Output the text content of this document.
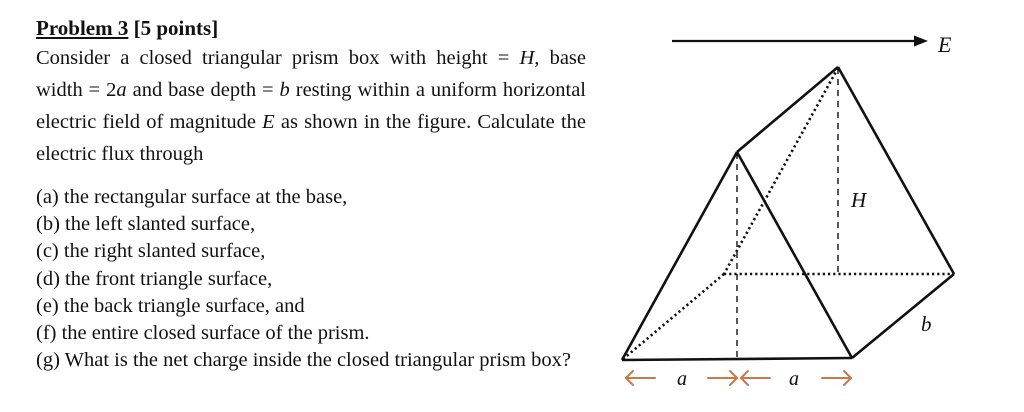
Problem 3 [5 points]

Consider a closed triangular prism box with height = H, base width = 2a and base depth = b resting within a uniform horizontal electric field of magnitude E as shown in the figure. Calculate the electric flux through

(a) the rectangular surface at the base,
(b) the left slanted surface,
(c) the right slanted surface,
(d) the front triangle surface,
(e) the back triangle surface, and
(f) the entire closed surface of the prism.
(g) What is the net charge inside the closed triangular prism box?
E
H
b
a	a
